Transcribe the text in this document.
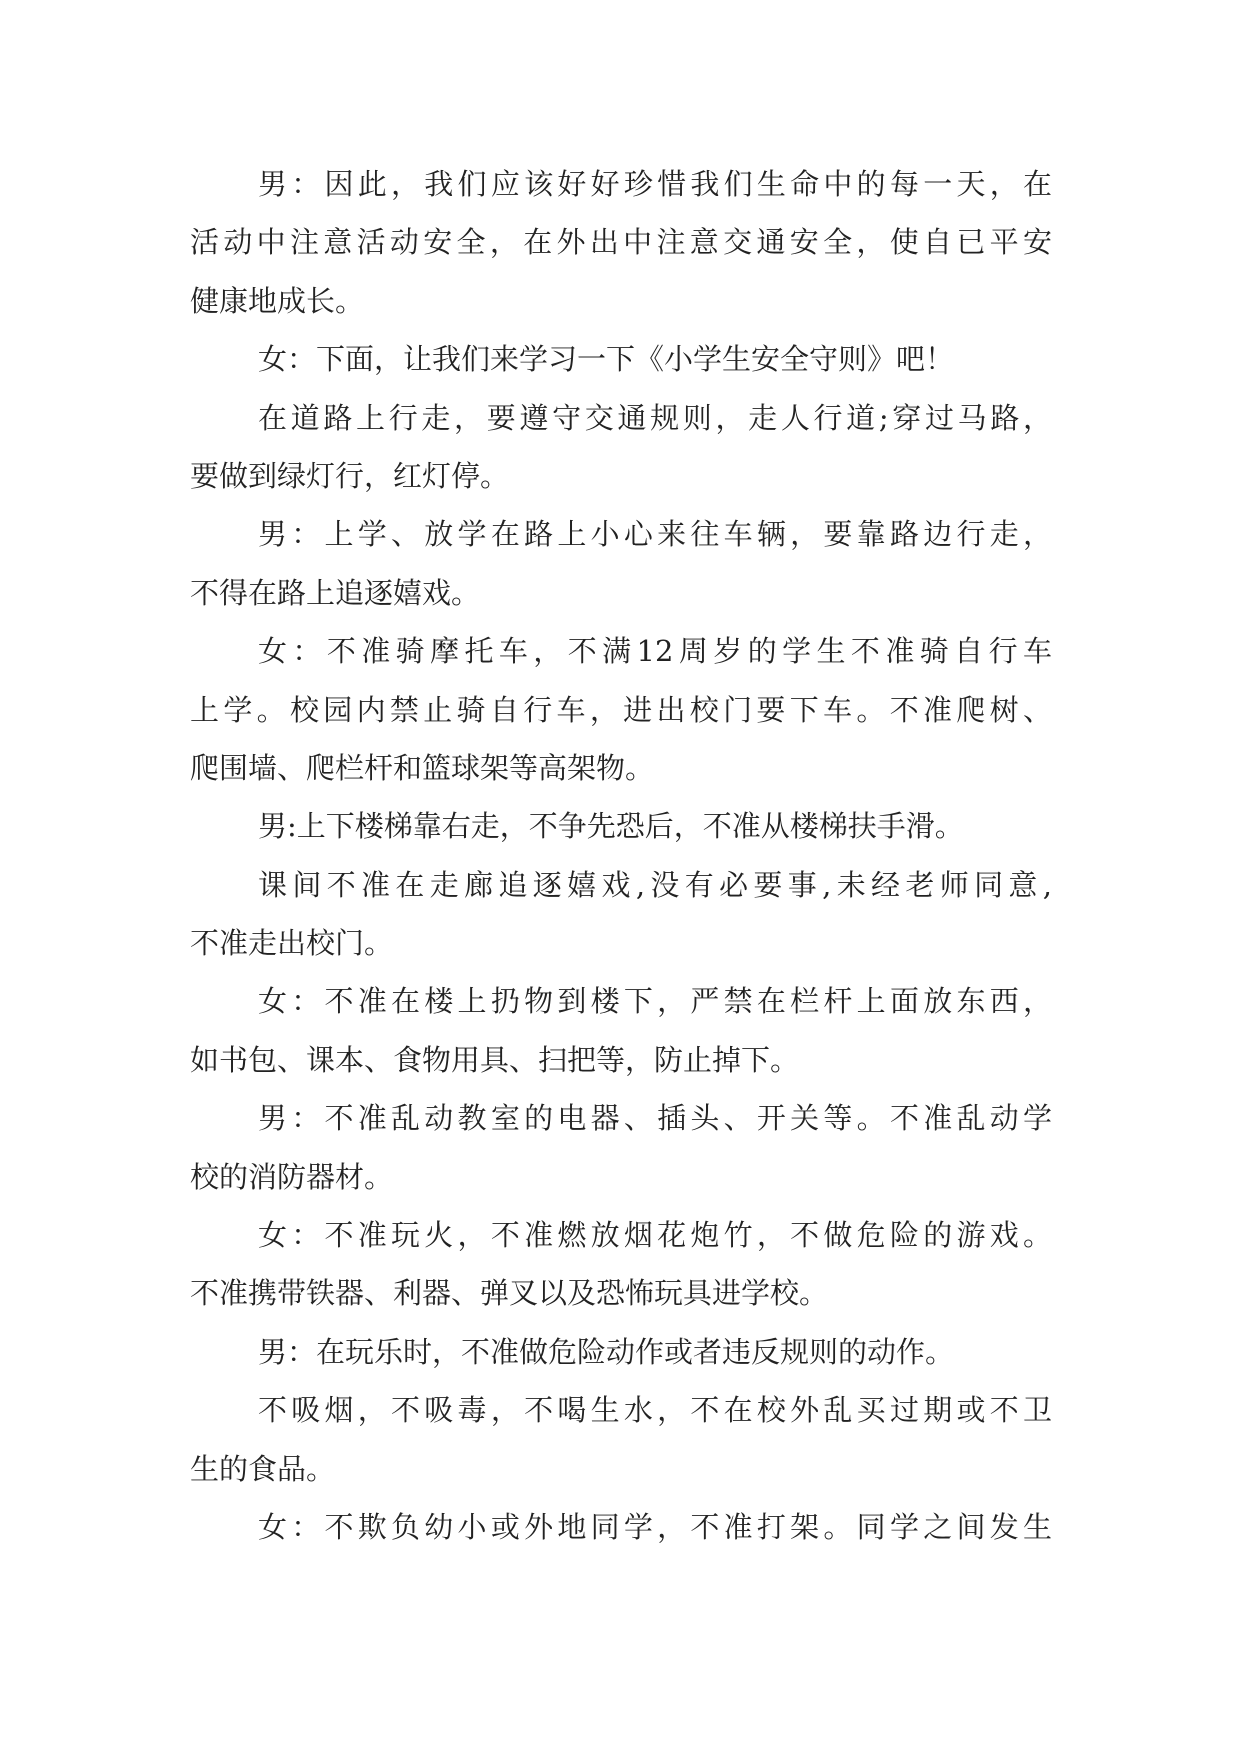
男：因此，我们应该好好珍惜我们生命中的每一天，在
活动中注意活动安全，在外出中注意交通安全，使自已平安
健康地成长。
女：下面，让我们来学习一下《小学生安全守则》吧！
在道路上行走，要遵守交通规则，走人行道;穿过马路，
要做到绿灯行，红灯停。
男：上学、放学在路上小心来往车辆，要靠路边行走，
不得在路上追逐嬉戏。
女：不准骑摩托车，不满12周岁的学生不准骑自行车
上学。校园内禁止骑自行车，进出校门要下车。不准爬树、
爬围墙、爬栏杆和篮球架等高架物。
男:上下楼梯靠右走，不争先恐后，不准从楼梯扶手滑。
课间不准在走廊追逐嬉戏,没有必要事,未经老师同意,
不准走出校门。
女：不准在楼上扔物到楼下，严禁在栏杆上面放东西，
如书包、课本、食物用具、扫把等，防止掉下。
男：不准乱动教室的电器、插头、开关等。不准乱动学
校的消防器材。
女：不准玩火，不准燃放烟花炮竹，不做危险的游戏。
不准携带铁器、利器、弹叉以及恐怖玩具进学校。
男：在玩乐时，不准做危险动作或者违反规则的动作。
不吸烟，不吸毒，不喝生水，不在校外乱买过期或不卫
生的食品。
女：不欺负幼小或外地同学，不准打架。同学之间发生
